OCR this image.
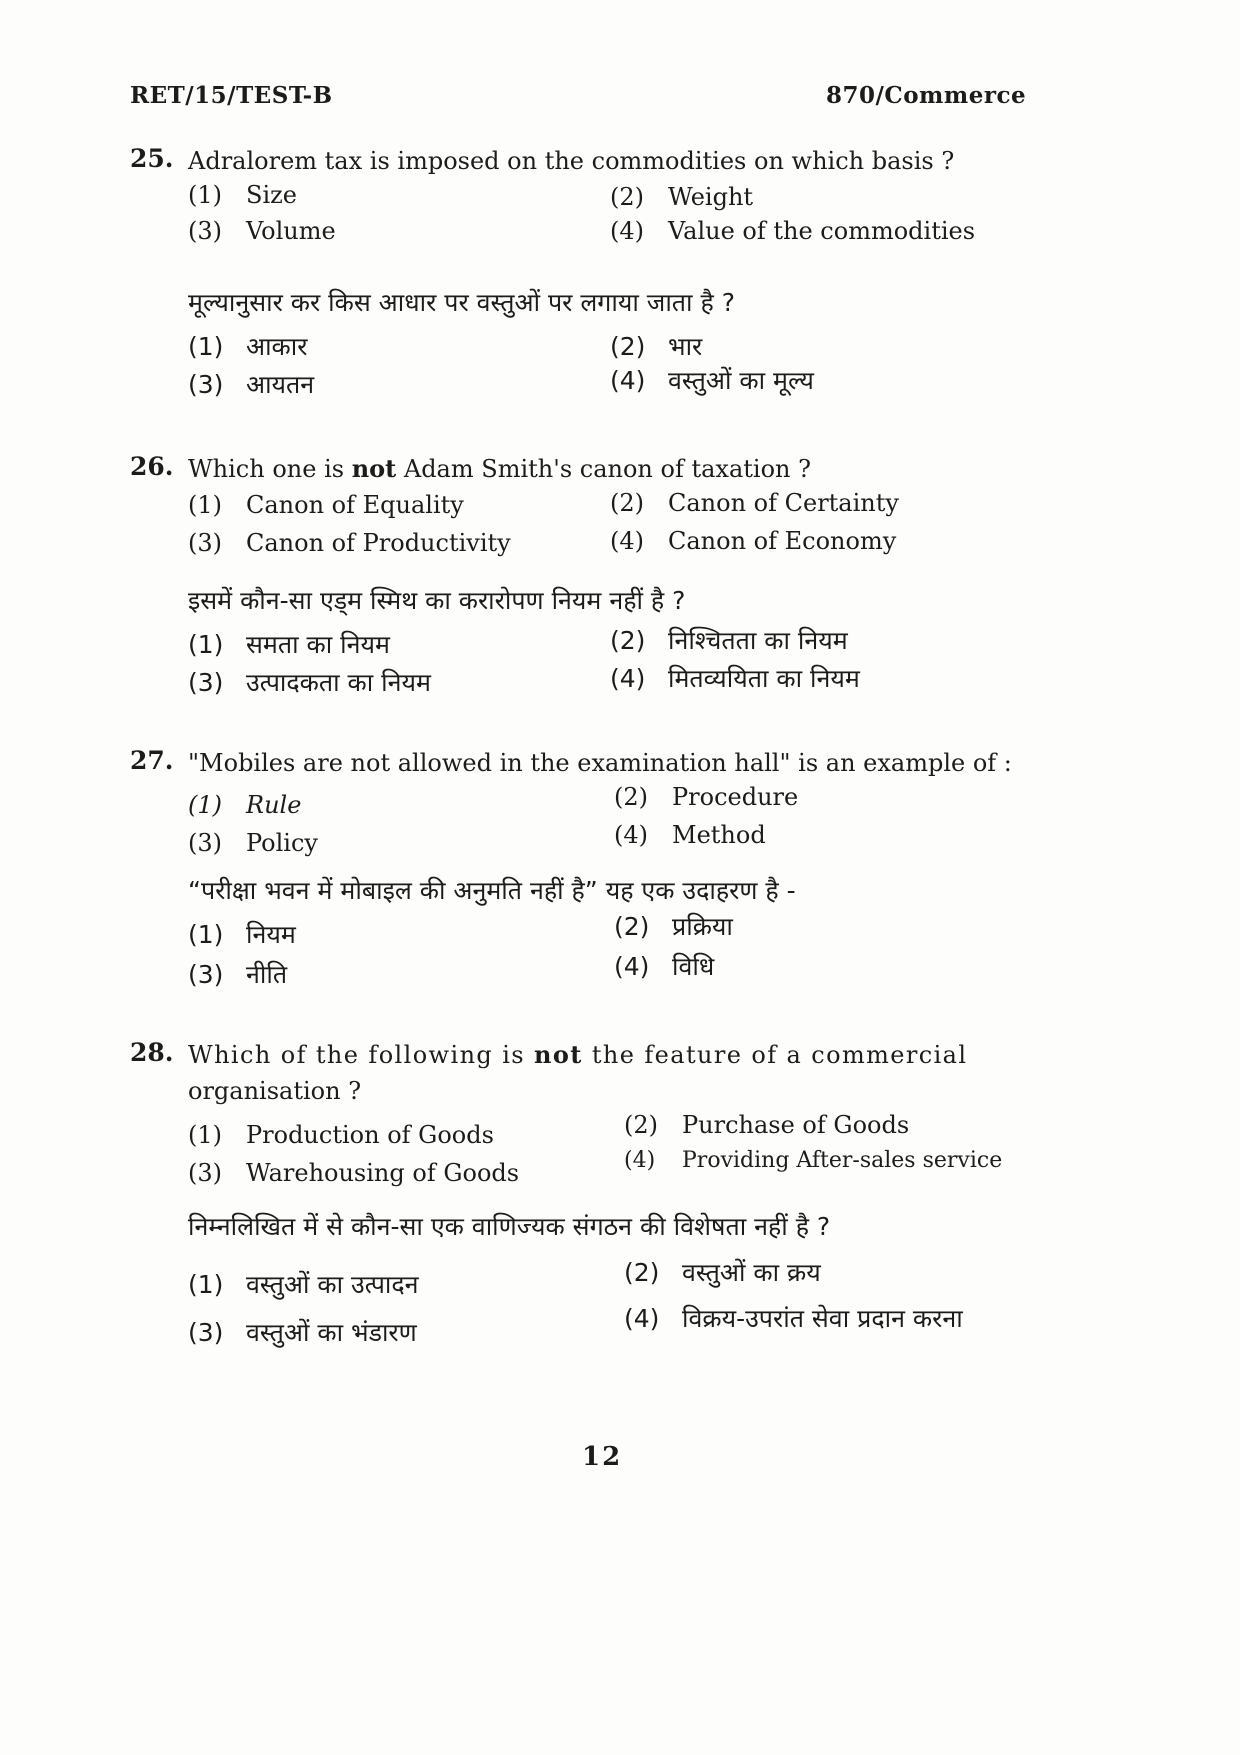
RET/15/TEST-B	870/Commerce
25. Adralorem tax is imposed on the commodities on which basis ?
(1) Size	(2) Weight
(3) Volume	(4) Value of the commodities
मूल्यानुसार कर किस आधार पर वस्तुओं पर लगाया जाता है ?
(1) आकार	(2) भार
(3) आयतन	(4) वस्तुओं का मूल्य
26. Which one is not Adam Smith's canon of taxation ?
(1) Canon of Equality	(2) Canon of Certainty
(3) Canon of Productivity	(4) Canon of Economy
इसमें कौन-सा एड्म स्मिथ का करारोपण नियम नहीं है ?
(1) समता का नियम	(2) निश्चितता का नियम
(3) उत्पादकता का नियम	(4) मितव्ययिता का नियम
27. "Mobiles are not allowed in the examination hall" is an example of :
(1) Rule	(2) Procedure
(3) Policy	(4) Method
“परीक्षा भवन में मोबाइल की अनुमति नहीं है” यह एक उदाहरण है -
(1) नियम	(2) प्रक्रिया
(3) नीति	(4) विधि
28. Which of the following is not the feature of a commercial
organisation ?
(1) Production of Goods	(2) Purchase of Goods
(3) Warehousing of Goods	(4) Providing After-sales service
निम्नलिखित में से कौन-सा एक वाणिज्यक संगठन की विशेषता नहीं है ?
(1) वस्तुओं का उत्पादन	(2) वस्तुओं का क्रय
(3) वस्तुओं का भंडारण	(4) विक्रय-उपरांत सेवा प्रदान करना
12
